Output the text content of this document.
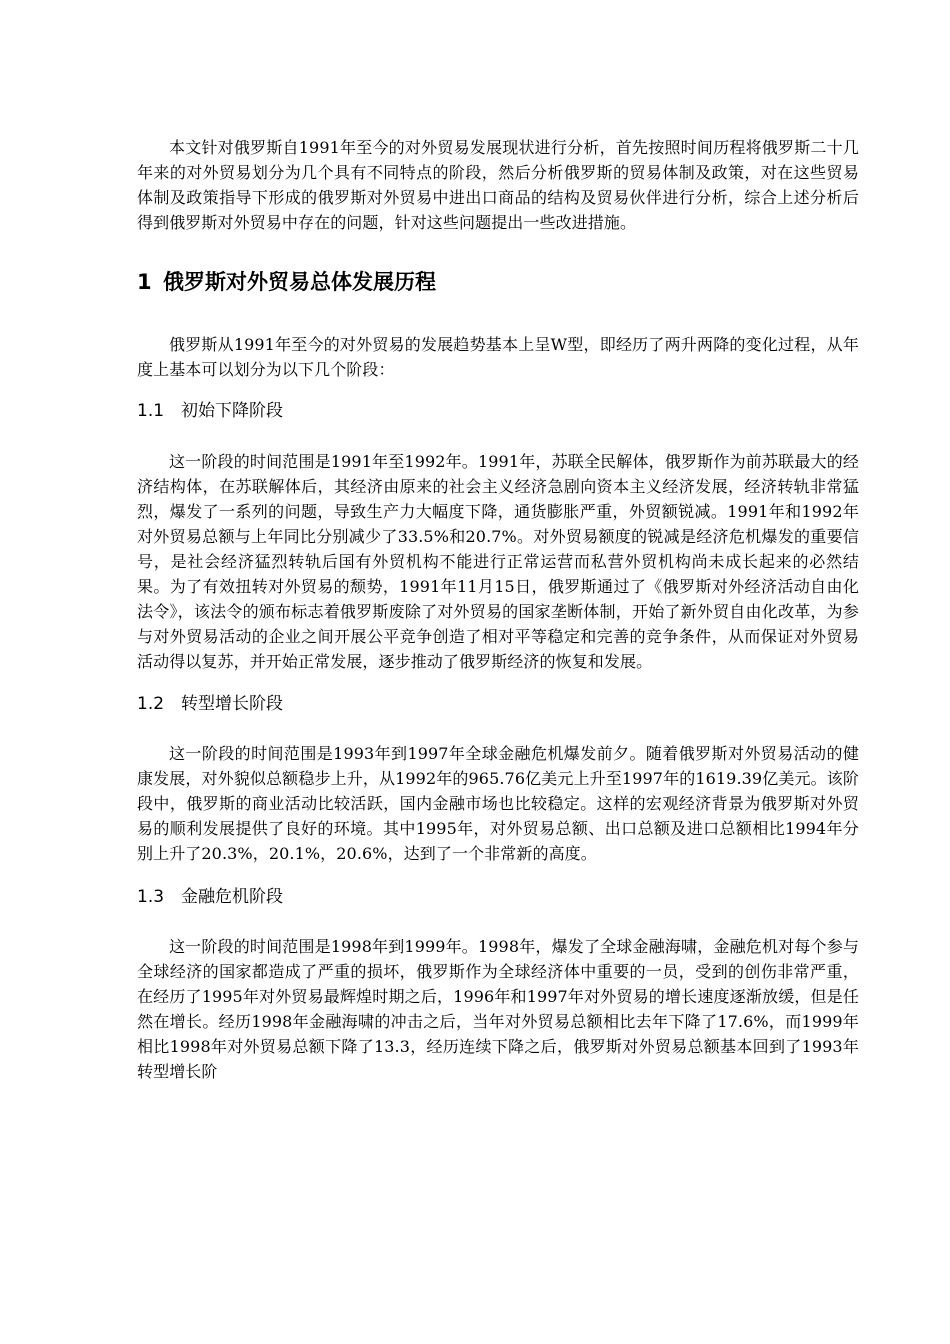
本文针对俄罗斯自1991年至今的对外贸易发展现状进行分析，首先按照时间历程将俄罗斯二十几年来的对外贸易划分为几个具有不同特点的阶段，然后分析俄罗斯的贸易体制及政策，对在这些贸易体制及政策指导下形成的俄罗斯对外贸易中进出口商品的结构及贸易伙伴进行分析，综合上述分析后得到俄罗斯对外贸易中存在的问题，针对这些问题提出一些改进措施。

1 俄罗斯对外贸易总体发展历程

俄罗斯从1991年至今的对外贸易的发展趋势基本上呈W型，即经历了两升两降的变化过程，从年度上基本可以划分为以下几个阶段：

1.1 初始下降阶段

这一阶段的时间范围是1991年至1992年。1991年，苏联全民解体，俄罗斯作为前苏联最大的经济结构体，在苏联解体后，其经济由原来的社会主义经济急剧向资本主义经济发展，经济转轨非常猛烈，爆发了一系列的问题，导致生产力大幅度下降，通货膨胀严重，外贸额锐减。1991年和1992年对外贸易总额与上年同比分别减少了33.5%和20.7%。对外贸易额度的锐减是经济危机爆发的重要信号，是社会经济猛烈转轨后国有外贸机构不能进行正常运营而私营外贸机构尚未成长起来的必然结果。为了有效扭转对外贸易的颓势，1991年11月15日，俄罗斯通过了《俄罗斯对外经济活动自由化法令》，该法令的颁布标志着俄罗斯废除了对外贸易的国家垄断体制，开始了新外贸自由化改革，为参与对外贸易活动的企业之间开展公平竞争创造了相对平等稳定和完善的竞争条件，从而保证对外贸易活动得以复苏，并开始正常发展，逐步推动了俄罗斯经济的恢复和发展。

1.2 转型增长阶段

这一阶段的时间范围是1993年到1997年全球金融危机爆发前夕。随着俄罗斯对外贸易活动的健康发展，对外貌似总额稳步上升，从1992年的965.76亿美元上升至1997年的1619.39亿美元。该阶段中，俄罗斯的商业活动比较活跃，国内金融市场也比较稳定。这样的宏观经济背景为俄罗斯对外贸易的顺利发展提供了良好的环境。其中1995年，对外贸易总额、出口总额及进口总额相比1994年分别上升了20.3%，20.1%，20.6%，达到了一个非常新的高度。

1.3 金融危机阶段

这一阶段的时间范围是1998年到1999年。1998年，爆发了全球金融海啸，金融危机对每个参与全球经济的国家都造成了严重的损坏，俄罗斯作为全球经济体中重要的一员，受到的创伤非常严重，在经历了1995年对外贸易最辉煌时期之后，1996年和1997年对外贸易的增长速度逐渐放缓，但是任然在增长。经历1998年金融海啸的冲击之后，当年对外贸易总额相比去年下降了17.6%，而1999年相比1998年对外贸易总额下降了13.3，经历连续下降之后，俄罗斯对外贸易总额基本回到了1993年转型增长阶
